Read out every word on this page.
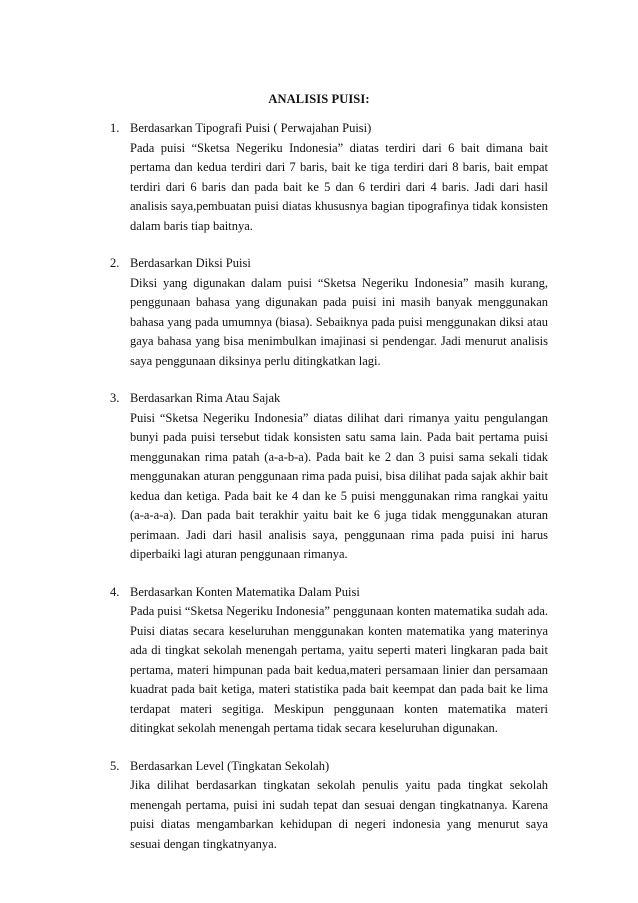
ANALISIS PUISI:
1. Berdasarkan Tipografi Puisi ( Perwajahan Puisi)
Pada puisi “Sketsa Negeriku Indonesia” diatas terdiri dari 6 bait dimana bait pertama dan kedua terdiri dari 7 baris, bait ke tiga terdiri dari 8 baris, bait empat terdiri dari 6 baris dan pada bait ke 5 dan 6 terdiri dari 4 baris. Jadi dari hasil analisis saya,pembuatan puisi diatas khususnya bagian tipografinya tidak konsisten dalam baris tiap baitnya.
2. Berdasarkan Diksi Puisi
Diksi yang digunakan dalam puisi “Sketsa Negeriku Indonesia” masih kurang, penggunaan bahasa yang digunakan pada puisi ini masih banyak menggunakan bahasa yang pada umumnya (biasa). Sebaiknya pada puisi menggunakan diksi atau gaya bahasa yang bisa menimbulkan imajinasi si pendengar. Jadi menurut analisis saya penggunaan diksinya perlu ditingkatkan lagi.
3. Berdasarkan Rima Atau Sajak
Puisi “Sketsa Negeriku Indonesia” diatas dilihat dari rimanya yaitu pengulangan bunyi pada puisi tersebut tidak konsisten satu sama lain. Pada bait pertama puisi menggunakan rima patah (a-a-b-a). Pada bait ke 2 dan 3 puisi sama sekali tidak menggunakan aturan penggunaan rima pada puisi, bisa dilihat pada sajak akhir bait kedua dan ketiga. Pada bait ke 4 dan ke 5 puisi menggunakan rima rangkai yaitu (a-a-a-a). Dan pada bait terakhir yaitu bait ke 6 juga tidak menggunakan aturan perimaan. Jadi dari hasil analisis saya, penggunaan rima pada puisi ini harus diperbaiki lagi aturan penggunaan rimanya.
4. Berdasarkan Konten Matematika Dalam Puisi
Pada puisi “Sketsa Negeriku Indonesia” penggunaan konten matematika sudah ada. Puisi diatas secara keseluruhan menggunakan konten matematika yang materinya ada di tingkat sekolah menengah pertama, yaitu seperti materi lingkaran pada bait pertama, materi himpunan pada bait kedua,materi persamaan linier dan persamaan kuadrat pada bait ketiga, materi statistika pada bait keempat dan pada bait ke lima terdapat materi segitiga. Meskipun penggunaan konten matematika materi ditingkat sekolah menengah pertama tidak secara keseluruhan digunakan.
5. Berdasarkan Level (Tingkatan Sekolah)
Jika dilihat berdasarkan tingkatan sekolah penulis yaitu pada tingkat sekolah menengah pertama, puisi ini sudah tepat dan sesuai dengan tingkatnanya. Karena puisi diatas mengambarkan kehidupan di negeri indonesia yang menurut saya sesuai dengan tingkatnyanya.
